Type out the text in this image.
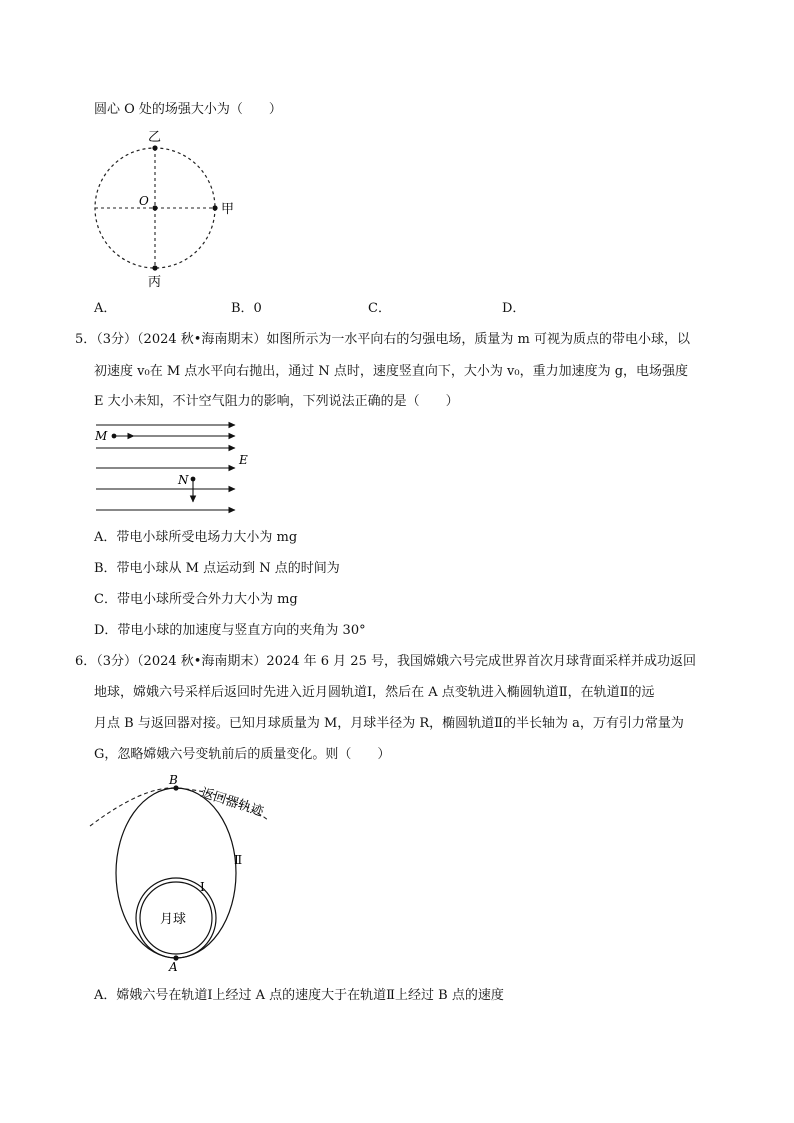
圆心 O 处的场强大小为（　　）
O
乙
甲
丙
A．	B．0	C．	D．
5．（3分）（2024 秋•海南期末）如图所示为一水平向右的匀强电场，质量为 m 可视为质点的带电小球，以
初速度 v₀在 M 点水平向右抛出，通过 N 点时，速度竖直向下，大小为 v₀，重力加速度为 g，电场强度
E 大小未知，不计空气阻力的影响，下列说法正确的是（　　）
M
N
E
A．带电小球所受电场力大小为 mg
B．带电小球从 M 点运动到 N 点的时间为
C．带电小球所受合外力大小为 mg
D．带电小球的加速度与竖直方向的夹角为 30°
6．（3分）（2024 秋•海南期末）2024 年 6 月 25 号，我国嫦娥六号完成世界首次月球背面采样并成功返回
地球，嫦娥六号采样后返回时先进入近月圆轨道Ⅰ，然后在 A 点变轨进入椭圆轨道Ⅱ，在轨道Ⅱ的远
月点 B 与返回器对接。已知月球质量为 M，月球半径为 R，椭圆轨道Ⅱ的半长轴为 a，万有引力常量为
G，忽略嫦娥六号变轨前后的质量变化。则（　　）
B
A
月球
Ⅰ
Ⅱ
返回器轨迹
A．嫦娥六号在轨道Ⅰ上经过 A 点的速度大于在轨道Ⅱ上经过 B 点的速度
